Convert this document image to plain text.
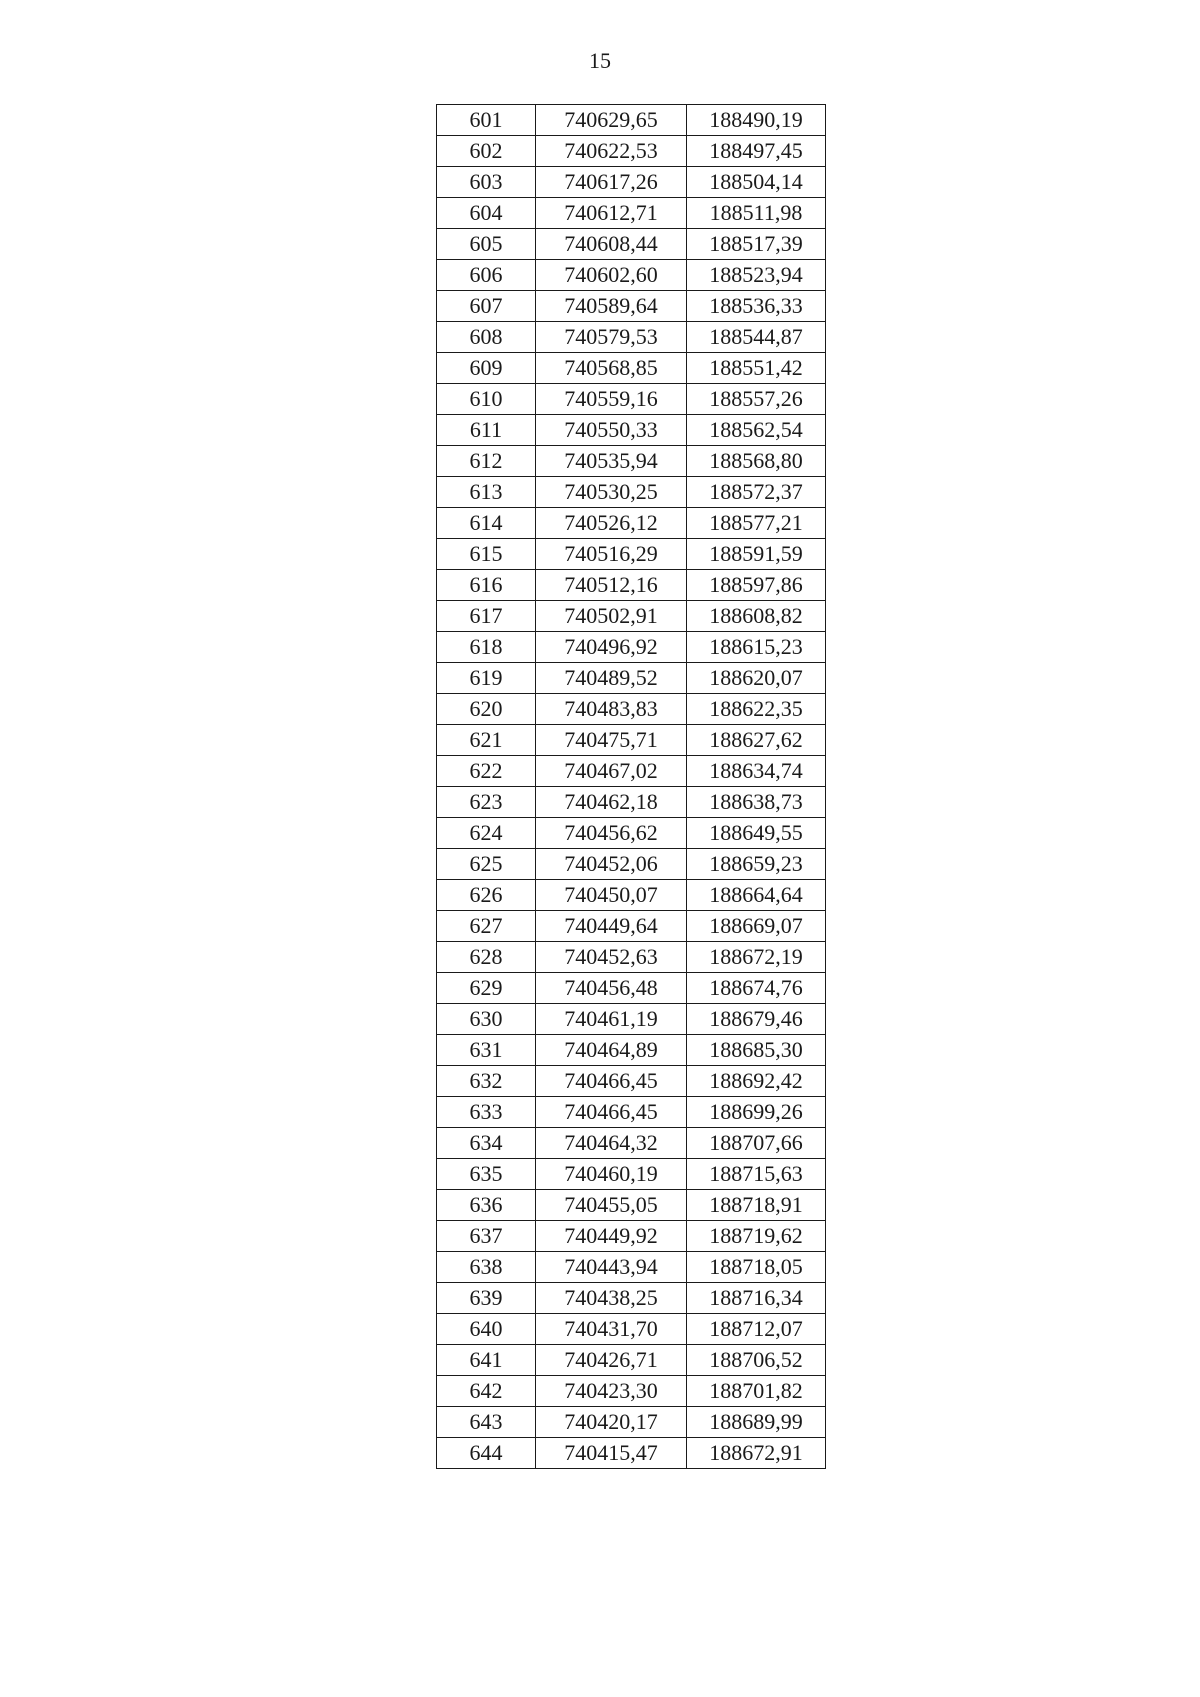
15
601	740629,65	188490,19
602	740622,53	188497,45
603	740617,26	188504,14
604	740612,71	188511,98
605	740608,44	188517,39
606	740602,60	188523,94
607	740589,64	188536,33
608	740579,53	188544,87
609	740568,85	188551,42
610	740559,16	188557,26
611	740550,33	188562,54
612	740535,94	188568,80
613	740530,25	188572,37
614	740526,12	188577,21
615	740516,29	188591,59
616	740512,16	188597,86
617	740502,91	188608,82
618	740496,92	188615,23
619	740489,52	188620,07
620	740483,83	188622,35
621	740475,71	188627,62
622	740467,02	188634,74
623	740462,18	188638,73
624	740456,62	188649,55
625	740452,06	188659,23
626	740450,07	188664,64
627	740449,64	188669,07
628	740452,63	188672,19
629	740456,48	188674,76
630	740461,19	188679,46
631	740464,89	188685,30
632	740466,45	188692,42
633	740466,45	188699,26
634	740464,32	188707,66
635	740460,19	188715,63
636	740455,05	188718,91
637	740449,92	188719,62
638	740443,94	188718,05
639	740438,25	188716,34
640	740431,70	188712,07
641	740426,71	188706,52
642	740423,30	188701,82
643	740420,17	188689,99
644	740415,47	188672,91
